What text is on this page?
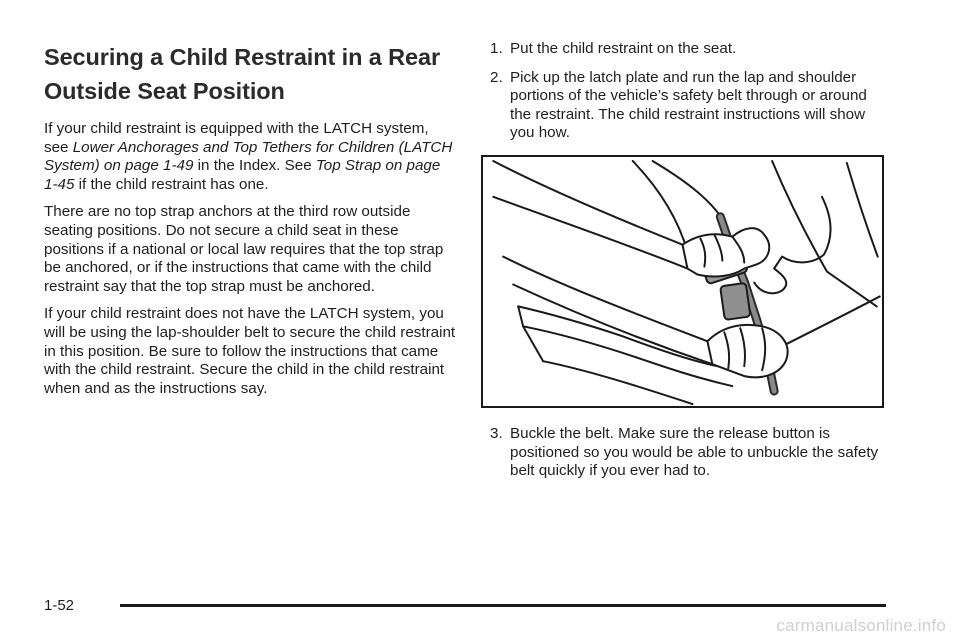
Securing a Child Restraint in a Rear Outside Seat Position

If your child restraint is equipped with the LATCH system, see Lower Anchorages and Top Tethers for Children (LATCH System) on page 1-49 in the Index. See Top Strap on page 1-45 if the child restraint has one.

There are no top strap anchors at the third row outside seating positions. Do not secure a child seat in these positions if a national or local law requires that the top strap be anchored, or if the instructions that came with the child restraint say that the top strap must be anchored.

If your child restraint does not have the LATCH system, you will be using the lap-shoulder belt to secure the child restraint in this position. Be sure to follow the instructions that came with the child restraint. Secure the child in the child restraint when and as the instructions say.

1. Put the child restraint on the seat.
2. Pick up the latch plate and run the lap and shoulder portions of the vehicle’s safety belt through or around the restraint. The child restraint instructions will show you how.
3. Buckle the belt. Make sure the release button is positioned so you would be able to unbuckle the safety belt quickly if you ever had to.
1-52
carmanualsonline.info
